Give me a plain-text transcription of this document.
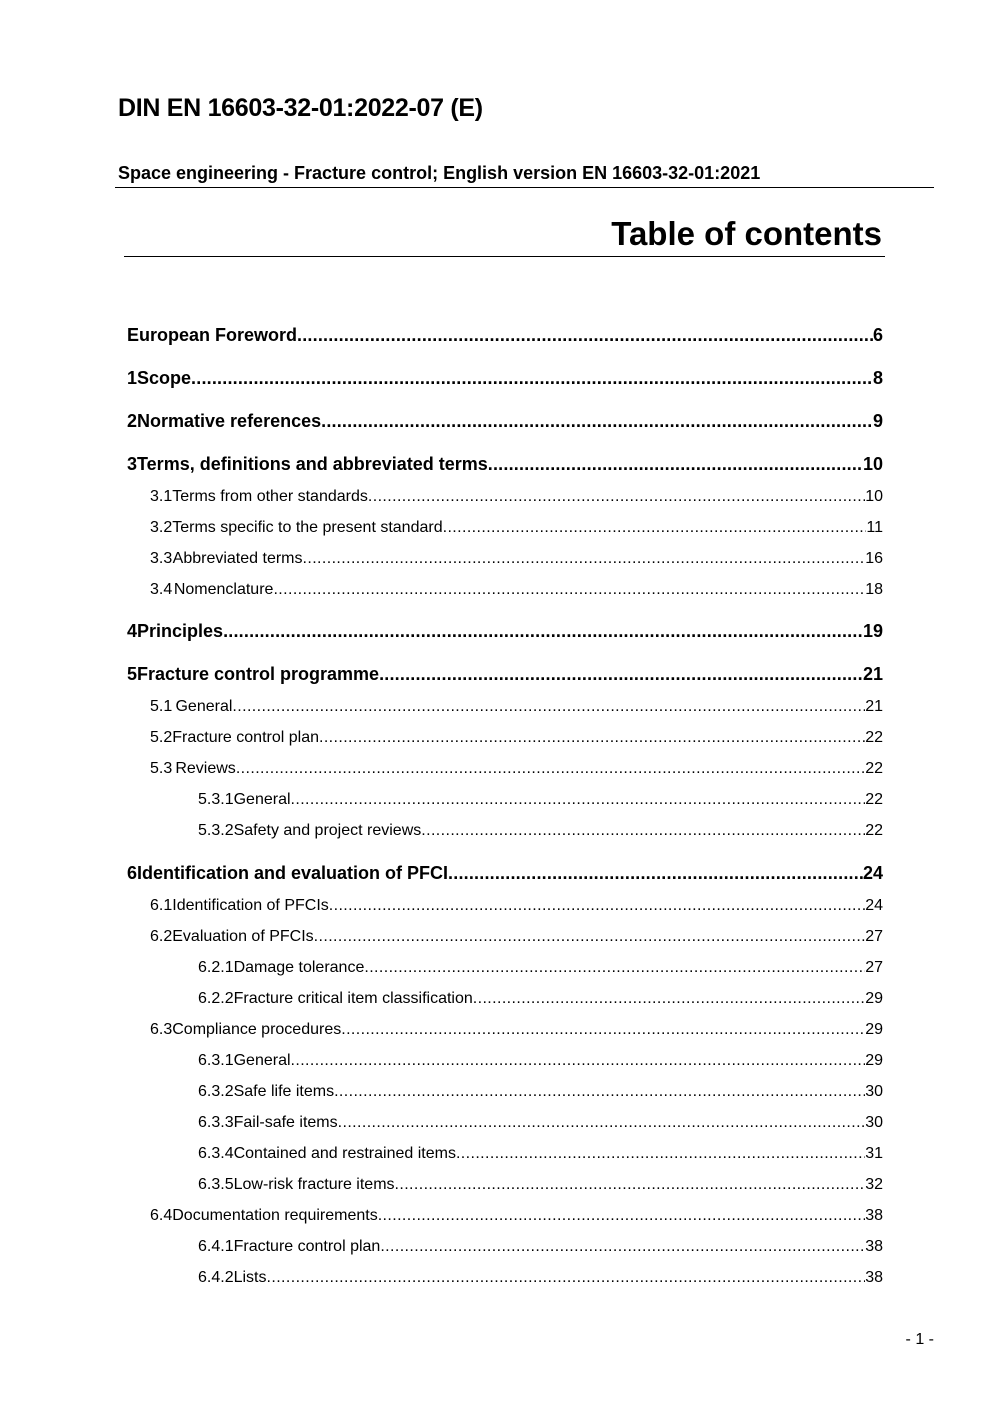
DIN EN 16603-32-01:2022-07 (E)
Space engineering - Fracture control; English version EN 16603-32-01:2021
Table of contents
European Foreword .....	6
1 Scope .....	8
2 Normative references .....	9
3 Terms, definitions and abbreviated terms .....	10
3.1 Terms from other standards .....	10
3.2 Terms specific to the present standard .....	11
3.3 Abbreviated terms .....	16
3.4 Nomenclature .....	18
4 Principles .....	19
5 Fracture control programme .....	21
5.1 General .....	21
5.2 Fracture control plan .....	22
5.3 Reviews .....	22
5.3.1 General .....	22
5.3.2 Safety and project reviews .....	22
6 Identification and evaluation of PFCI .....	24
6.1 Identification of PFCIs .....	24
6.2 Evaluation of PFCIs .....	27
6.2.1 Damage tolerance .....	27
6.2.2 Fracture critical item classification .....	29
6.3 Compliance procedures .....	29
6.3.1 General .....	29
6.3.2 Safe life items .....	30
6.3.3 Fail-safe items .....	30
6.3.4 Contained and restrained items .....	31
6.3.5 Low-risk fracture items .....	32
6.4 Documentation requirements .....	38
6.4.1 Fracture control plan .....	38
6.4.2 Lists .....	38
- 1 -
